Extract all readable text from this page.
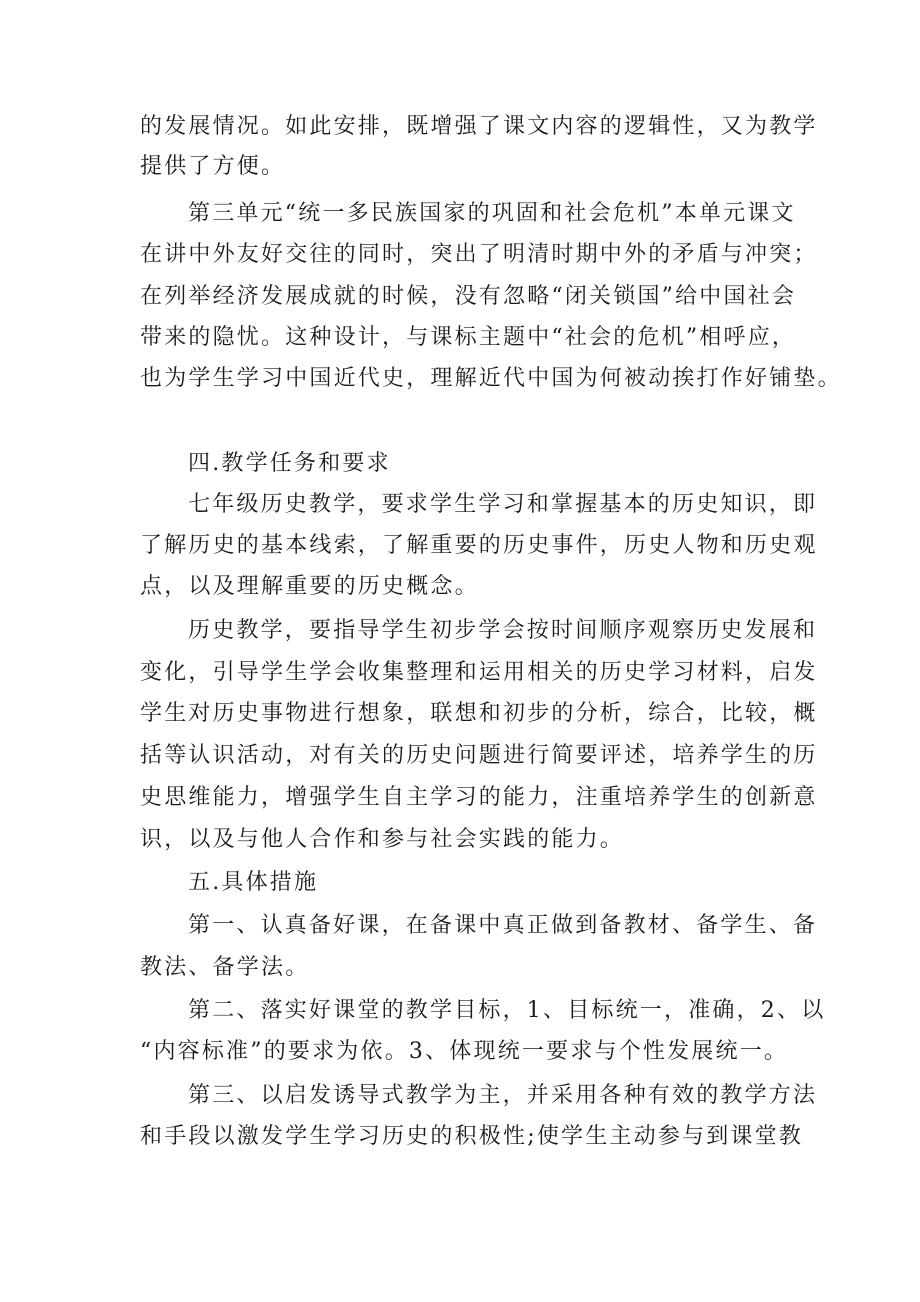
的发展情况。如此安排，既增强了课文内容的逻辑性，又为教学
提供了方便。
第三单元“统一多民族国家的巩固和社会危机”本单元课文
在讲中外友好交往的同时，突出了明清时期中外的矛盾与冲突；
在列举经济发展成就的时候，没有忽略“闭关锁国”给中国社会
带来的隐忧。这种设计，与课标主题中“社会的危机”相呼应，
也为学生学习中国近代史，理解近代中国为何被动挨打作好铺垫。
四.教学任务和要求
七年级历史教学，要求学生学习和掌握基本的历史知识，即
了解历史的基本线索，了解重要的历史事件，历史人物和历史观
点，以及理解重要的历史概念。
历史教学，要指导学生初步学会按时间顺序观察历史发展和
变化，引导学生学会收集整理和运用相关的历史学习材料，启发
学生对历史事物进行想象，联想和初步的分析，综合，比较，概
括等认识活动，对有关的历史问题进行简要评述，培养学生的历
史思维能力，增强学生自主学习的能力，注重培养学生的创新意
识，以及与他人合作和参与社会实践的能力。
五.具体措施
第一、认真备好课，在备课中真正做到备教材、备学生、备
教法、备学法。
第二、落实好课堂的教学目标，1、目标统一，准确，2、以
“内容标准”的要求为依。3、体现统一要求与个性发展统一。
第三、以启发诱导式教学为主，并采用各种有效的教学方法
和手段以激发学生学习历史的积极性;使学生主动参与到课堂教
